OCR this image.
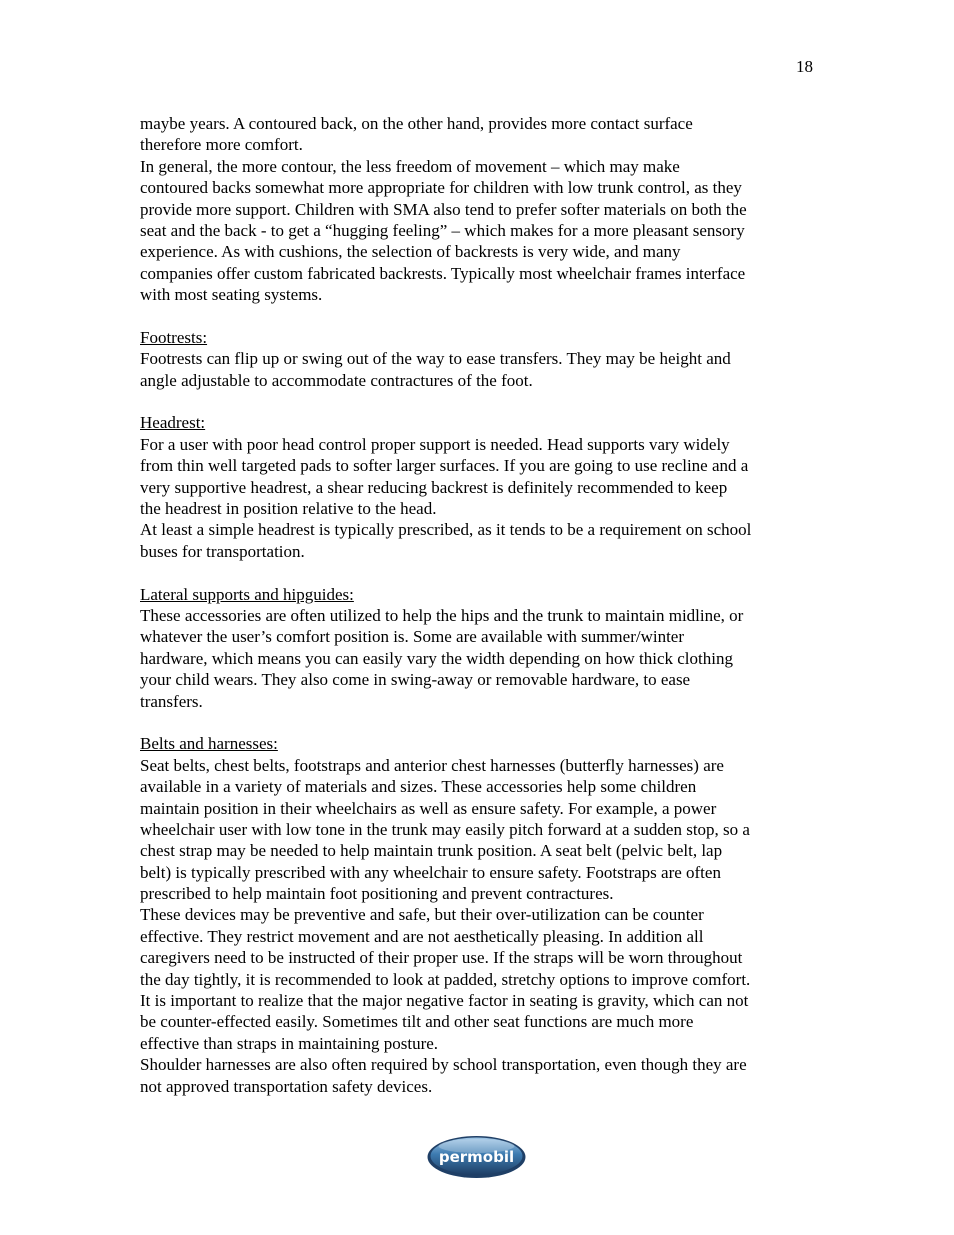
18
maybe years. A contoured back, on the other hand, provides more contact surface
therefore more comfort.
In general, the more contour, the less freedom of movement – which may make
contoured backs somewhat more appropriate for children with low trunk control, as they
provide more support. Children with SMA also tend to prefer softer materials on both the
seat and the back - to get a “hugging feeling” – which makes for a more pleasant sensory
experience. As with cushions, the selection of backrests is very wide, and many
companies offer custom fabricated backrests. Typically most wheelchair frames interface
with most seating systems.
Footrests:
Footrests can flip up or swing out of the way to ease transfers. They may be height and
angle adjustable to accommodate contractures of the foot.
Headrest:
For a user with poor head control proper support is needed. Head supports vary widely
from thin well targeted pads to softer larger surfaces. If you are going to use recline and a
very supportive headrest, a shear reducing backrest is definitely recommended to keep
the headrest in position relative to the head.
At least a simple headrest is typically prescribed, as it tends to be a requirement on school
buses for transportation.
Lateral supports and hipguides:
These accessories are often utilized to help the hips and the trunk to maintain midline, or
whatever the user’s comfort position is. Some are available with summer/winter
hardware, which means you can easily vary the width depending on how thick clothing
your child wears. They also come in swing-away or removable hardware, to ease
transfers.
Belts and harnesses:
Seat belts, chest belts, footstraps and anterior chest harnesses (butterfly harnesses) are
available in a variety of materials and sizes. These accessories help some children
maintain position in their wheelchairs as well as ensure safety. For example, a power
wheelchair user with low tone in the trunk may easily pitch forward at a sudden stop, so a
chest strap may be needed to help maintain trunk position. A seat belt (pelvic belt, lap
belt) is typically prescribed with any wheelchair to ensure safety. Footstraps are often
prescribed to help maintain foot positioning and prevent contractures.
These devices may be preventive and safe, but their over-utilization can be counter
effective. They restrict movement and are not aesthetically pleasing. In addition all
caregivers need to be instructed of their proper use. If the straps will be worn throughout
the day tightly, it is recommended to look at padded, stretchy options to improve comfort.
It is important to realize that the major negative factor in seating is gravity, which can not
be counter-effected easily. Sometimes tilt and other seat functions are much more
effective than straps in maintaining posture.
Shoulder harnesses are also often required by school transportation, even though they are
not approved transportation safety devices.
permobil
